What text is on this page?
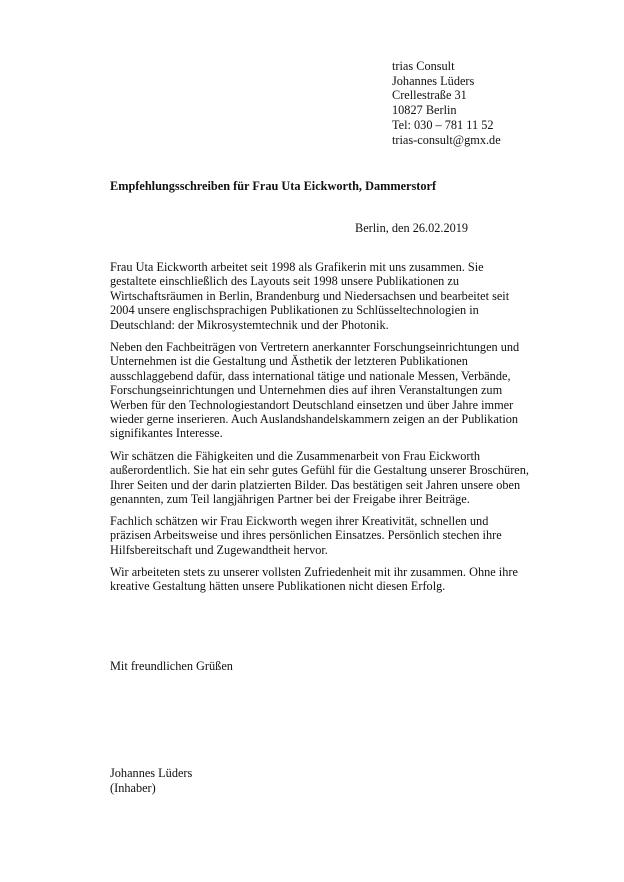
trias Consult
Johannes Lüders
Crellestraße 31
10827 Berlin
Tel: 030 – 781 11 52
trias-consult@gmx.de
Empfehlungsschreiben für Frau Uta Eickworth, Dammerstorf
Berlin, den 26.02.2019

Frau Uta Eickworth arbeitet seit 1998 als Grafikerin mit uns zusammen. Sie
gestaltete einschließlich des Layouts seit 1998 unsere Publikationen zu
Wirtschaftsräumen in Berlin, Brandenburg und Niedersachsen und bearbeitet seit
2004 unsere englischsprachigen Publikationen zu Schlüsseltechnologien in
Deutschland: der Mikrosystemtechnik und der Photonik.

Neben den Fachbeiträgen von Vertretern anerkannter Forschungseinrichtungen und
Unternehmen ist die Gestaltung und Ästhetik der letzteren Publikationen
ausschlaggebend dafür, dass international tätige und nationale Messen, Verbände,
Forschungseinrichtungen und Unternehmen dies auf ihren Veranstaltungen zum
Werben für den Technologiestandort Deutschland einsetzen und über Jahre immer
wieder gerne inserieren. Auch Auslandshandelskammern zeigen an der Publikation
signifikantes Interesse.

Wir schätzen die Fähigkeiten und die Zusammenarbeit von Frau Eickworth
außerordentlich. Sie hat ein sehr gutes Gefühl für die Gestaltung unserer Broschüren,
Ihrer Seiten und der darin platzierten Bilder. Das bestätigen seit Jahren unsere oben
genannten, zum Teil langjährigen Partner bei der Freigabe ihrer Beiträge.

Fachlich schätzen wir Frau Eickworth wegen ihrer Kreativität, schnellen und
präzisen Arbeitsweise und ihres persönlichen Einsatzes. Persönlich stechen ihre
Hilfsbereitschaft und Zugewandtheit hervor.

Wir arbeiteten stets zu unserer vollsten Zufriedenheit mit ihr zusammen. Ohne ihre
kreative Gestaltung hätten unsere Publikationen nicht diesen Erfolg.

Mit freundlichen Grüßen
Johannes Lüders
(Inhaber)
